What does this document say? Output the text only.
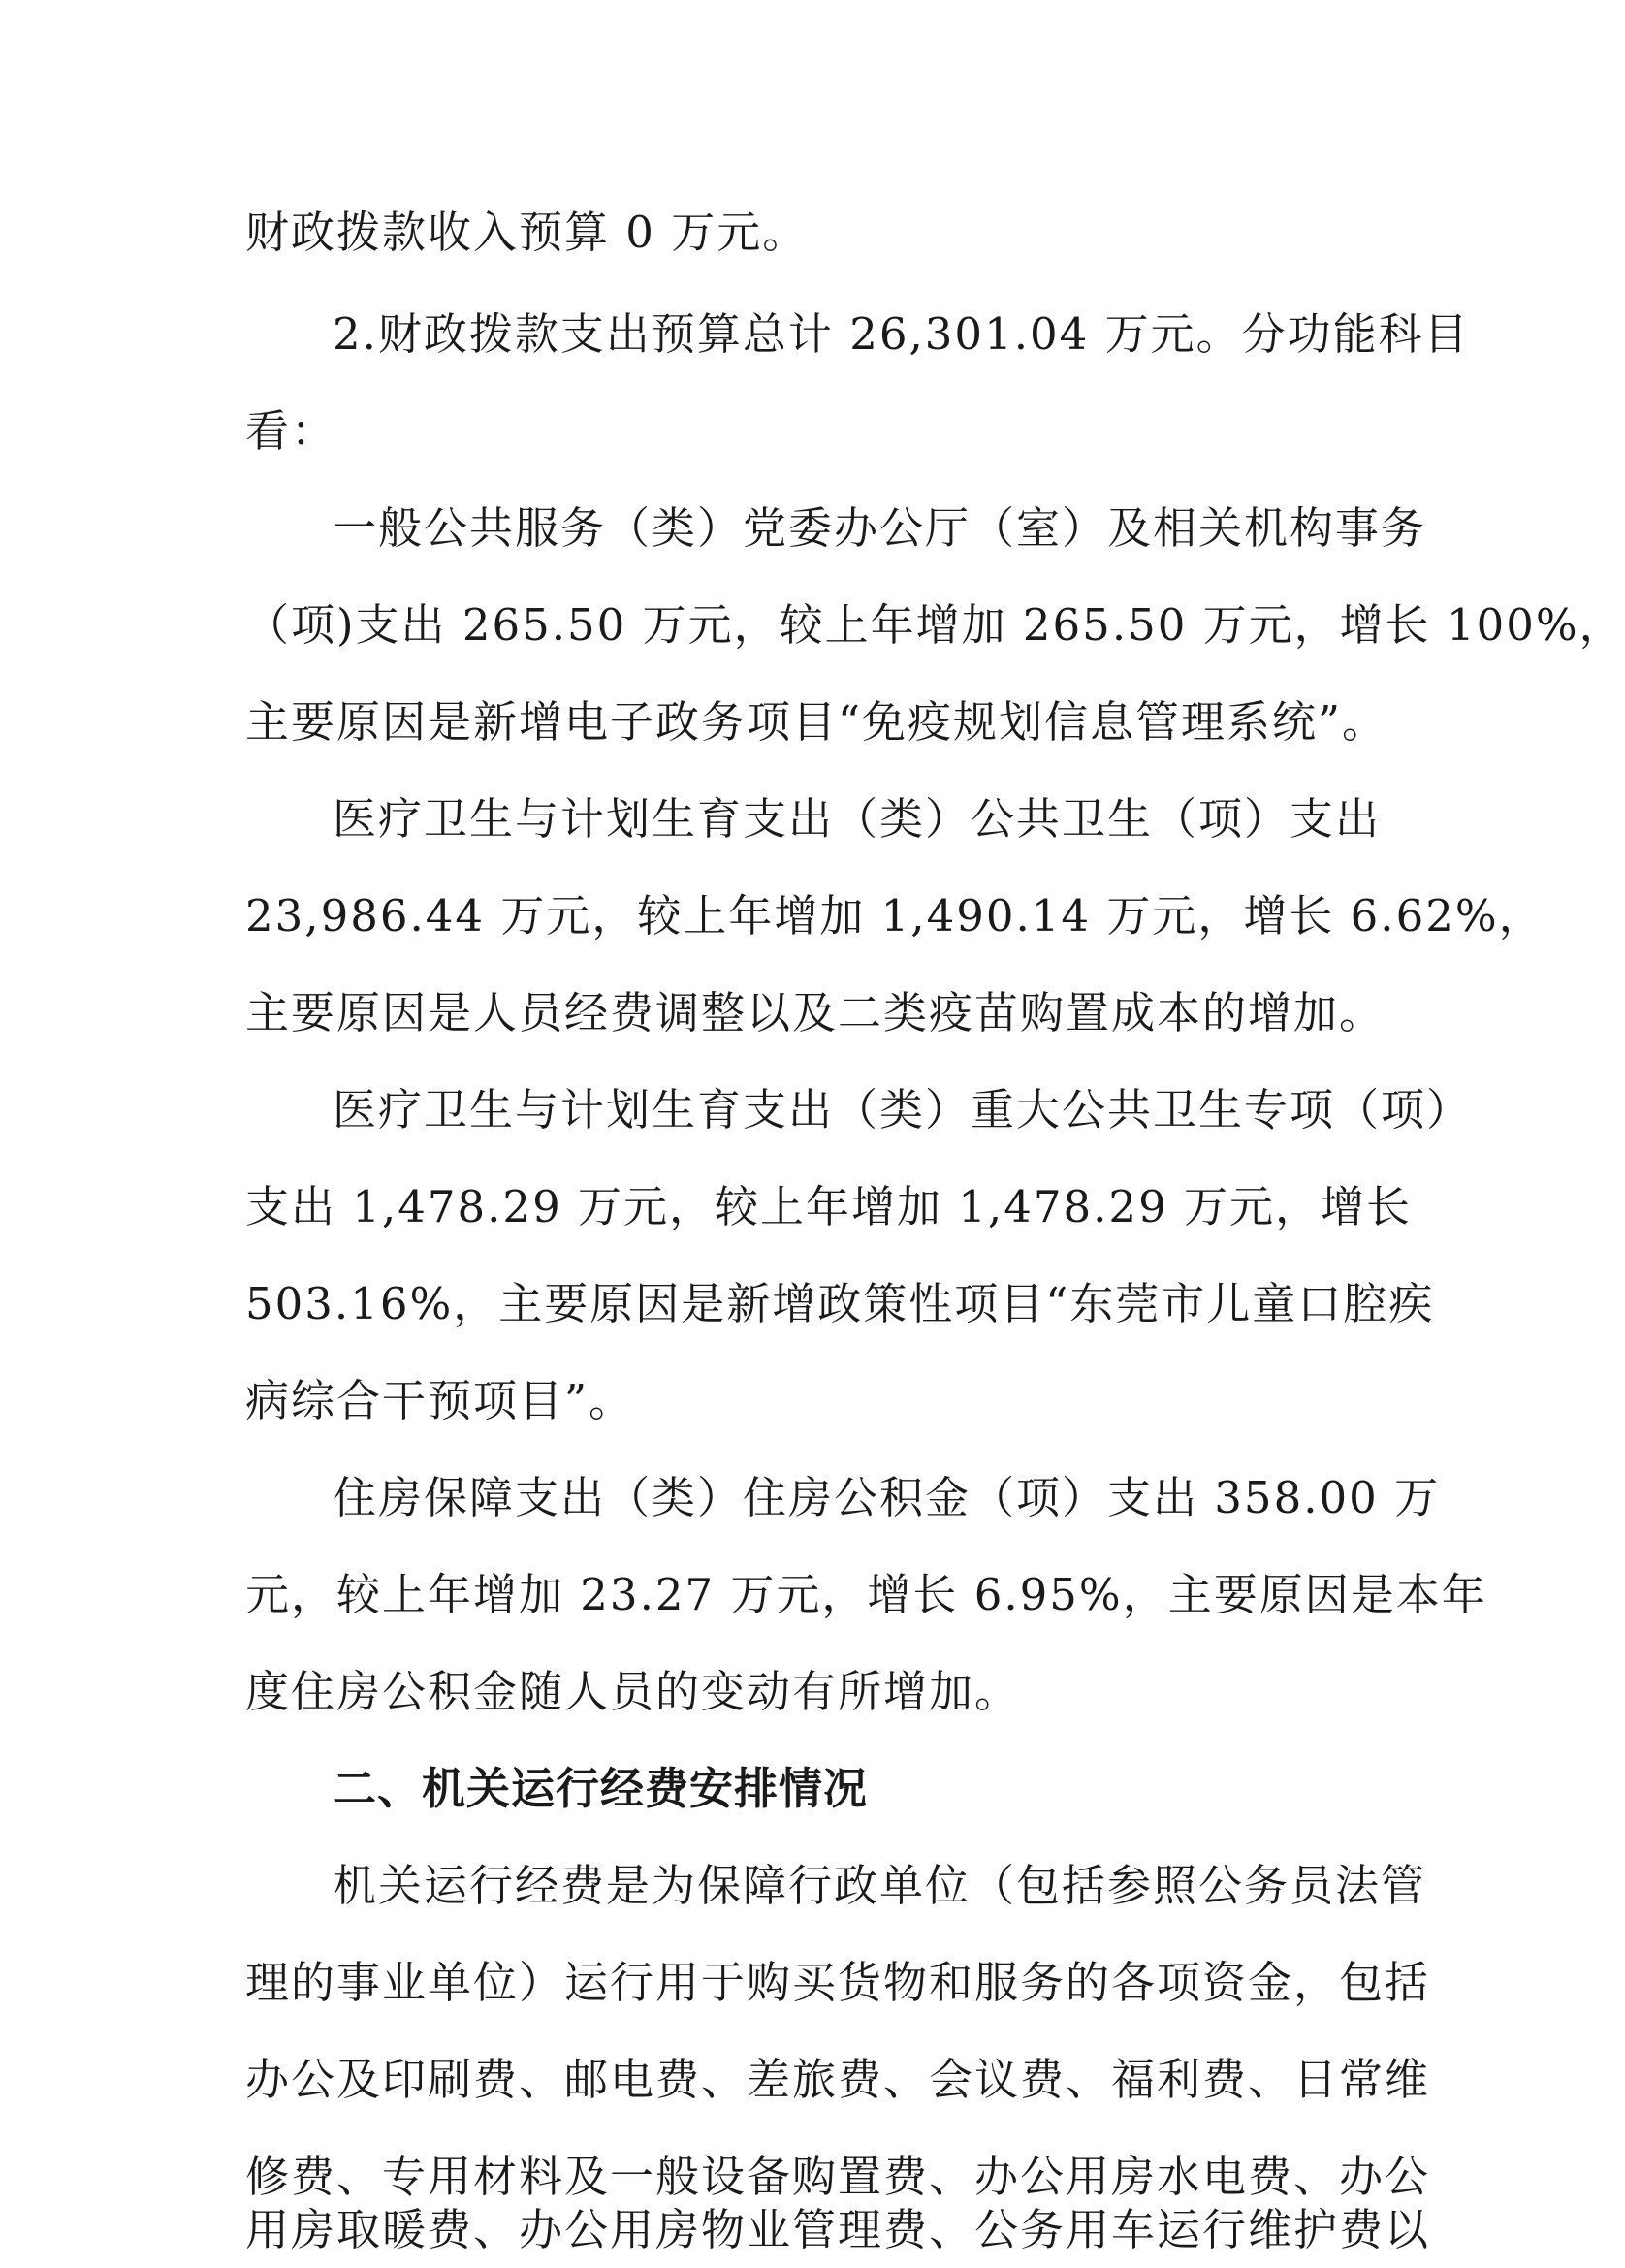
财政拨款收入预算 0 万元。
2.财政拨款支出预算总计 26,301.04 万元。分功能科目
看：
一般公共服务（类）党委办公厅（室）及相关机构事务
（项)支出 265.50 万元，较上年增加 265.50 万元，增长 100%，
主要原因是新增电子政务项目“免疫规划信息管理系统”。
医疗卫生与计划生育支出（类）公共卫生（项）支出
23,986.44 万元，较上年增加 1,490.14 万元，增长 6.62%，
主要原因是人员经费调整以及二类疫苗购置成本的增加。
医疗卫生与计划生育支出（类）重大公共卫生专项（项）
支出 1,478.29 万元，较上年增加 1,478.29 万元，增长
503.16%，主要原因是新增政策性项目“东莞市儿童口腔疾
病综合干预项目”。
住房保障支出（类）住房公积金（项）支出 358.00 万
元，较上年增加 23.27 万元，增长 6.95%，主要原因是本年
度住房公积金随人员的变动有所增加。
二、机关运行经费安排情况
机关运行经费是为保障行政单位（包括参照公务员法管
理的事业单位）运行用于购买货物和服务的各项资金，包括
办公及印刷费、邮电费、差旅费、会议费、福利费、日常维
修费、专用材料及一般设备购置费、办公用房水电费、办公
用房取暖费、办公用房物业管理费、公务用车运行维护费以
